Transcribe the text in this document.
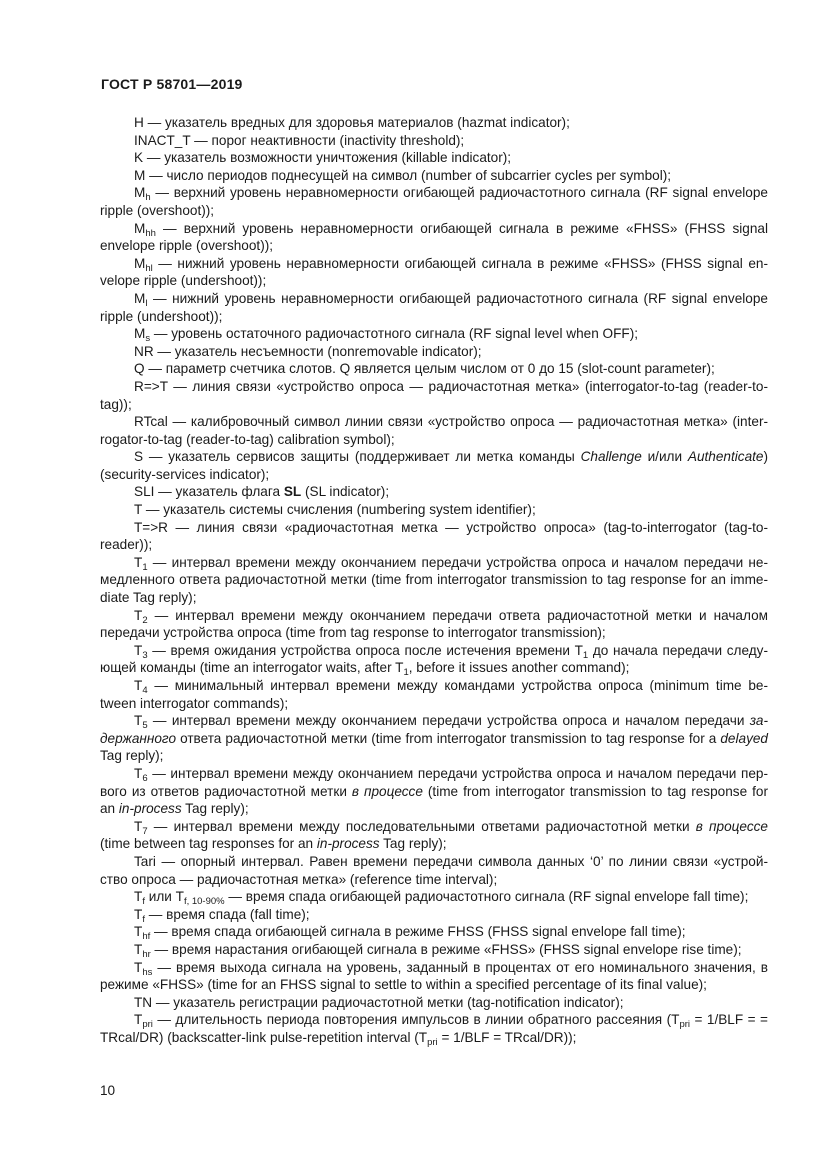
ГОСТ Р 58701—2019

H — указатель вредных для здоровья материалов (hazmat indicator);

INACT_T — порог неактивности (inactivity threshold);

K — указатель возможности уничтожения (killable indicator);

M — число периодов поднесущей на символ (number of subcarrier cycles per symbol);

$M_h$ — верхний уровень неравномерности огибающей радиочастотного сигнала (RF signal envelope ripple (overshoot));

$M_{hh}$ — верхний уровень неравномерности огибающей сигнала в режиме «FHSS» (FHSS signal envelope ripple (overshoot));

$M_{hl}$ — нижний уровень неравномерности огибающей сигнала в режиме «FHSS» (FHSS signal en-velope ripple (undershoot));

$M_l$ — нижний уровень неравномерности огибающей радиочастотного сигнала (RF signal envelope ripple (undershoot));

$M_s$ — уровень остаточного радиочастотного сигнала (RF signal level when OFF);

NR — указатель несъемности (nonremovable indicator);

Q — параметр счетчика слотов. Q является целым числом от 0 до 15 (slot-count parameter);

R=>T — линия связи «устройство опроса — радиочастотная метка» (interrogator-to-tag (reader-to-tag));

RTcal — калибровочный символ линии связи «устройство опроса — радиочастотная метка» (inter-rogator-to-tag (reader-to-tag) calibration symbol);

S — указатель сервисов защиты (поддерживает ли метка команды Challenge и/или Authenticate) (security-services indicator);

SLI — указатель флага SL (SL indicator);

T — указатель системы счисления (numbering system identifier);

T=>R — линия связи «радиочастотная метка — устройство опроса» (tag-to-interrogator (tag-to-reader));

$T_1$ — интервал времени между окончанием передачи устройства опроса и началом передачи не-медленного ответа радиочастотной метки (time from interrogator transmission to tag response for an imme-diate Tag reply);

$T_2$ — интервал времени между окончанием передачи ответа радиочастотной метки и началом передачи устройства опроса (time from tag response to interrogator transmission);

$T_3$ — время ожидания устройства опроса после истечения времени $T_1$ до начала передачи следу-ющей команды (time an interrogator waits, after $T_1$, before it issues another command);

$T_4$ — минимальный интервал времени между командами устройства опроса (minimum time be-tween interrogator commands);

$T_5$ — интервал времени между окончанием передачи устройства опроса и началом передачи за-держанного ответа радиочастотной метки (time from interrogator transmission to tag response for a delayed Tag reply);

$T_6$ — интервал времени между окончанием передачи устройства опроса и началом передачи пер-вого из ответов радиочастотной метки в процессе (time from interrogator transmission to tag response for an in-process Tag reply);

$T_7$ — интервал времени между последовательными ответами радиочастотной метки в процессе (time between tag responses for an in-process Tag reply);

Tari — опорный интервал. Равен времени передачи символа данных ‘0’ по линии связи «устрой-ство опроса — радиочастотная метка» (reference time interval);

$T_f$ или $T_{f, 10-90\%}$ — время спада огибающей радиочастотного сигнала (RF signal envelope fall time);

$T_f$ — время спада (fall time);

$T_{hf}$ — время спада огибающей сигнала в режиме FHSS (FHSS signal envelope fall time);

$T_{hr}$ — время нарастания огибающей сигнала в режиме «FHSS» (FHSS signal envelope rise time);

$T_{hs}$ — время выхода сигнала на уровень, заданный в процентах от его номинального значения, в режиме «FHSS» (time for an FHSS signal to settle to within a specified percentage of its final value);

TN — указатель регистрации радиочастотной метки (tag-notification indicator);

$T_{pri}$ — длительность периода повторения импульсов в линии обратного рассеяния ($T_{pri} = 1/BLF$ = = TRcal/DR) (backscatter-link pulse-repetition interval ($T_{pri} = 1/BLF$ = TRcal/DR));

10
